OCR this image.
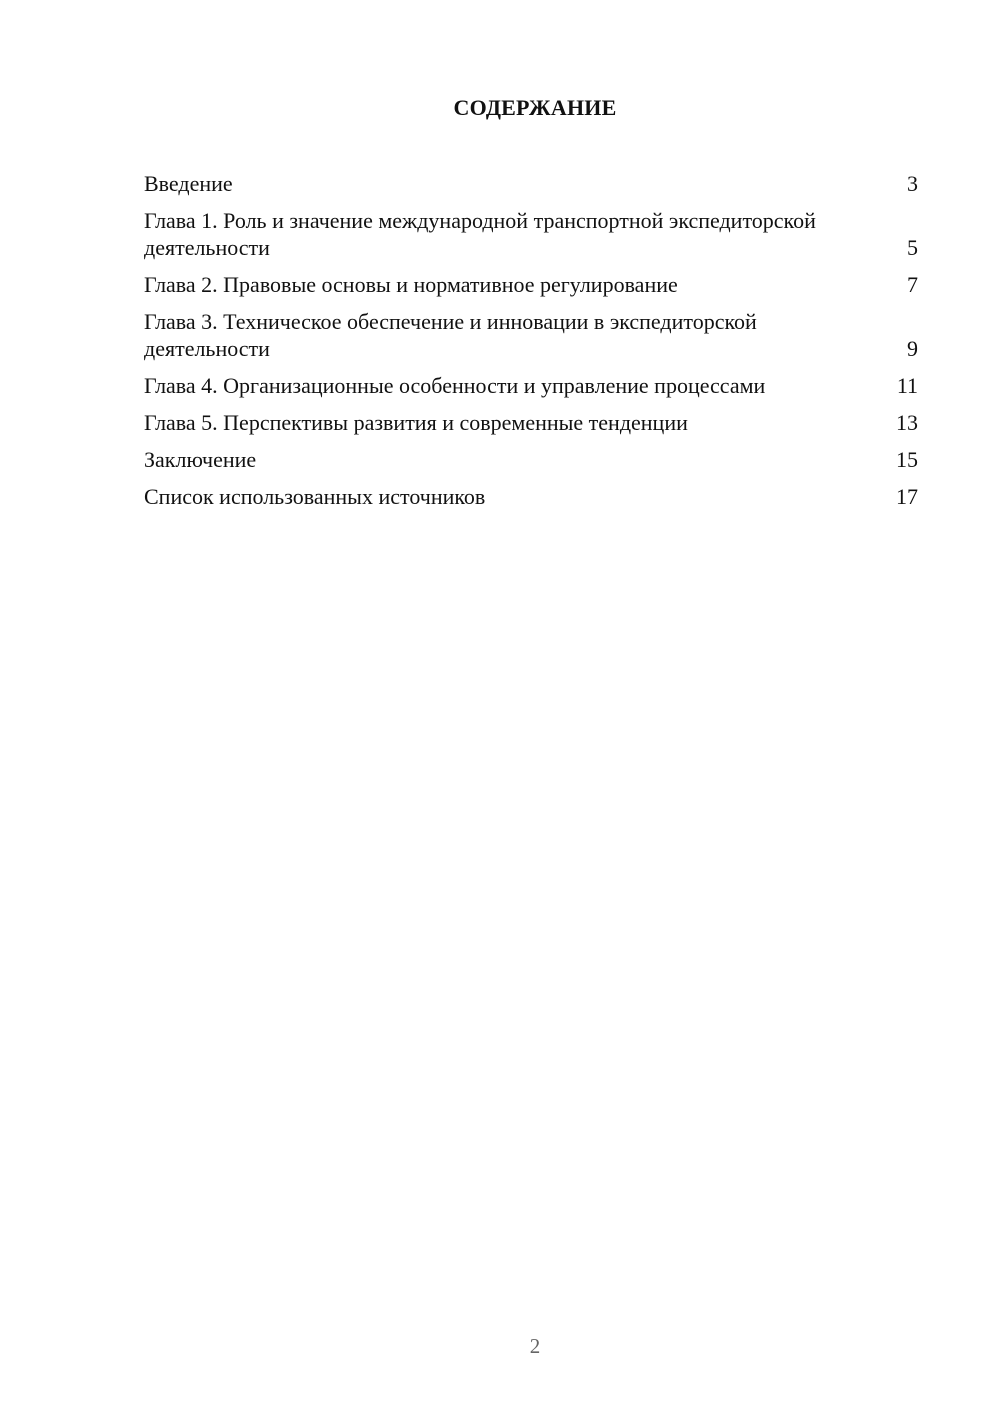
СОДЕРЖАНИЕ
Введение	3
Глава 1. Роль и значение международной транспортной экспедиторской деятельности	5
Глава 2. Правовые основы и нормативное регулирование	7
Глава 3. Техническое обеспечение и инновации в экспедиторской деятельности	9
Глава 4. Организационные особенности и управление процессами	11
Глава 5. Перспективы развития и современные тенденции	13
Заключение	15
Список использованных источников	17
2
